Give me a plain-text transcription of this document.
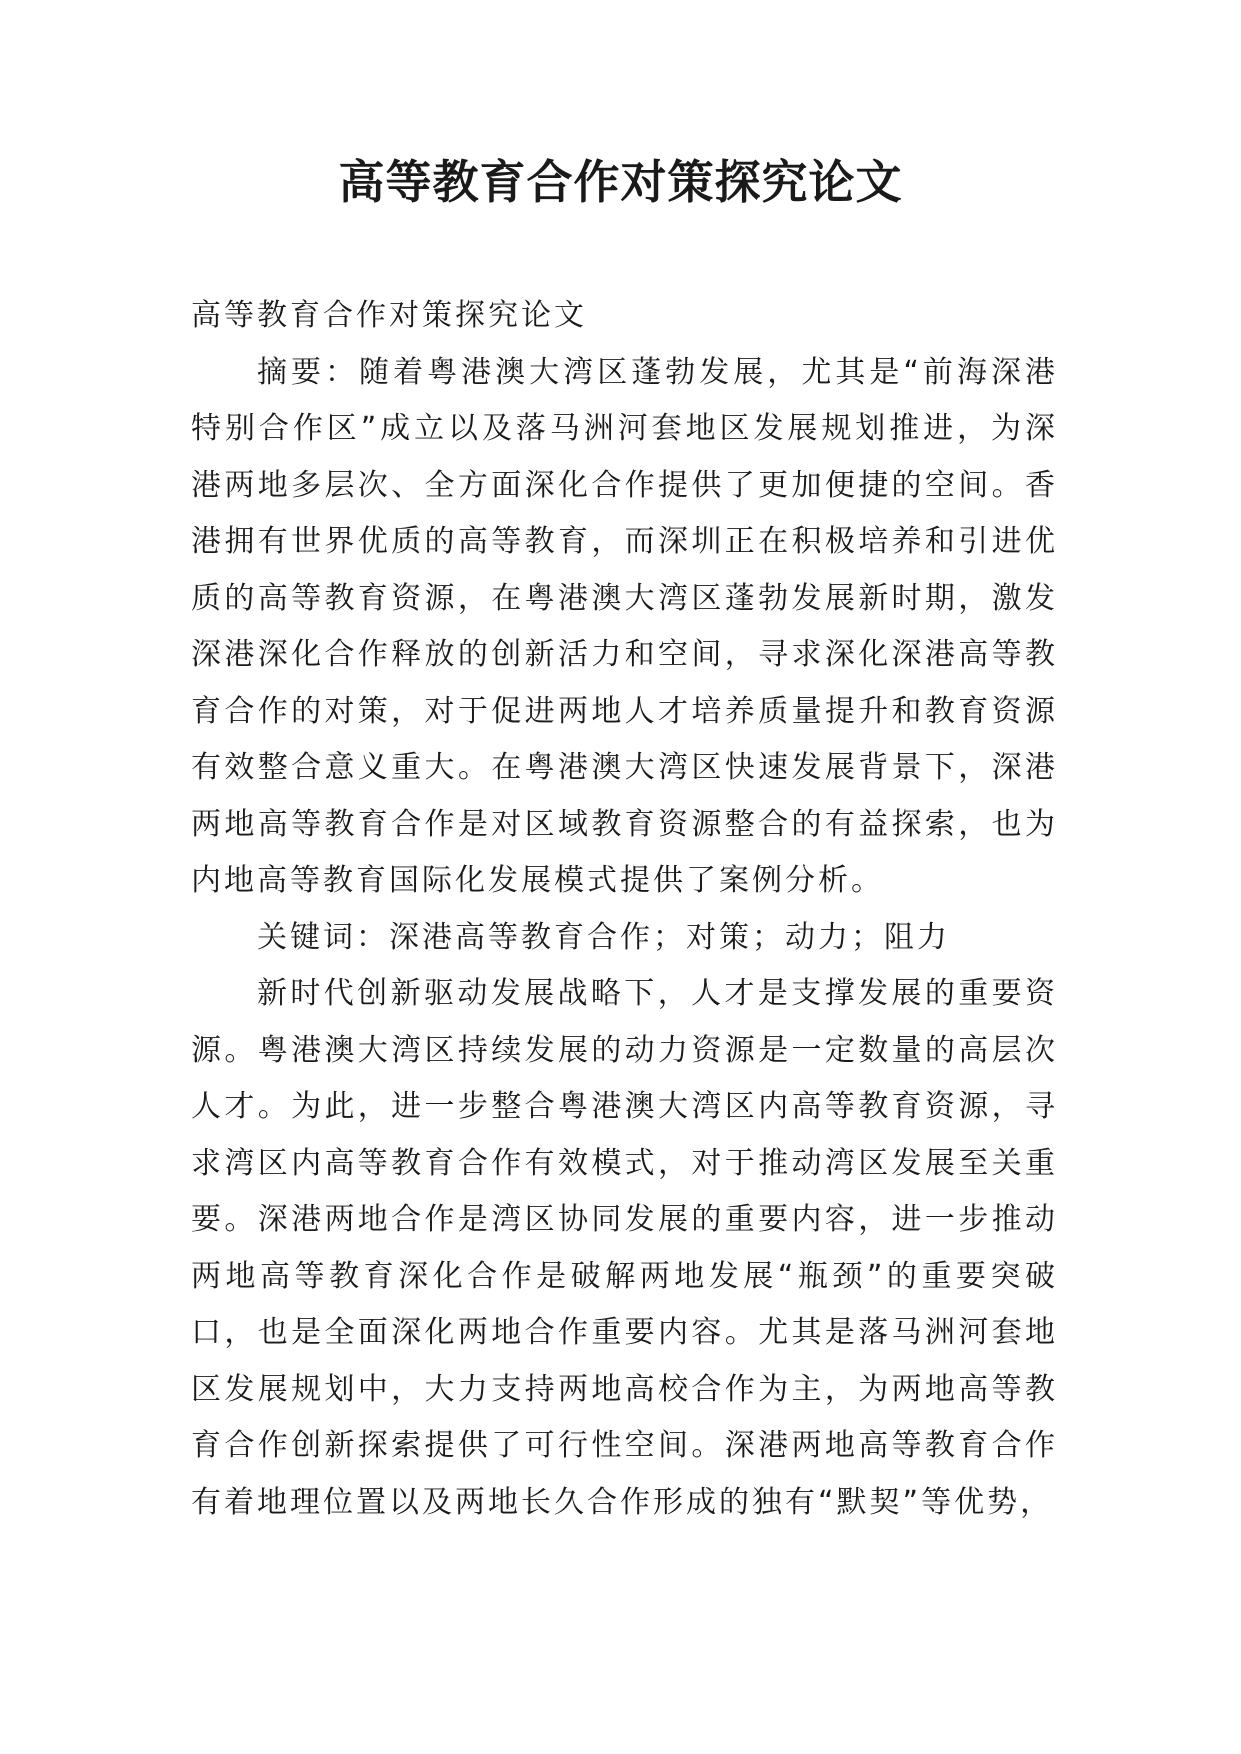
高等教育合作对策探究论文

高等教育合作对策探究论文

摘要：随着粤港澳大湾区蓬勃发展，尤其是“前海深港特别合作区”成立以及落马洲河套地区发展规划推进，为深港两地多层次、全方面深化合作提供了更加便捷的空间。香港拥有世界优质的高等教育，而深圳正在积极培养和引进优质的高等教育资源，在粤港澳大湾区蓬勃发展新时期，激发深港深化合作释放的创新活力和空间，寻求深化深港高等教育合作的对策，对于促进两地人才培养质量提升和教育资源有效整合意义重大。在粤港澳大湾区快速发展背景下，深港两地高等教育合作是对区域教育资源整合的有益探索，也为内地高等教育国际化发展模式提供了案例分析。

关键词：深港高等教育合作；对策；动力；阻力

新时代创新驱动发展战略下，人才是支撑发展的重要资源。粤港澳大湾区持续发展的动力资源是一定数量的高层次人才。为此，进一步整合粤港澳大湾区内高等教育资源，寻求湾区内高等教育合作有效模式，对于推动湾区发展至关重要。深港两地合作是湾区协同发展的重要内容，进一步推动两地高等教育深化合作是破解两地发展“瓶颈”的重要突破口，也是全面深化两地合作重要内容。尤其是落马洲河套地区发展规划中，大力支持两地高校合作为主，为两地高等教育合作创新探索提供了可行性空间。深港两地高等教育合作有着地理位置以及两地长久合作形成的独有“默契”等优势，
